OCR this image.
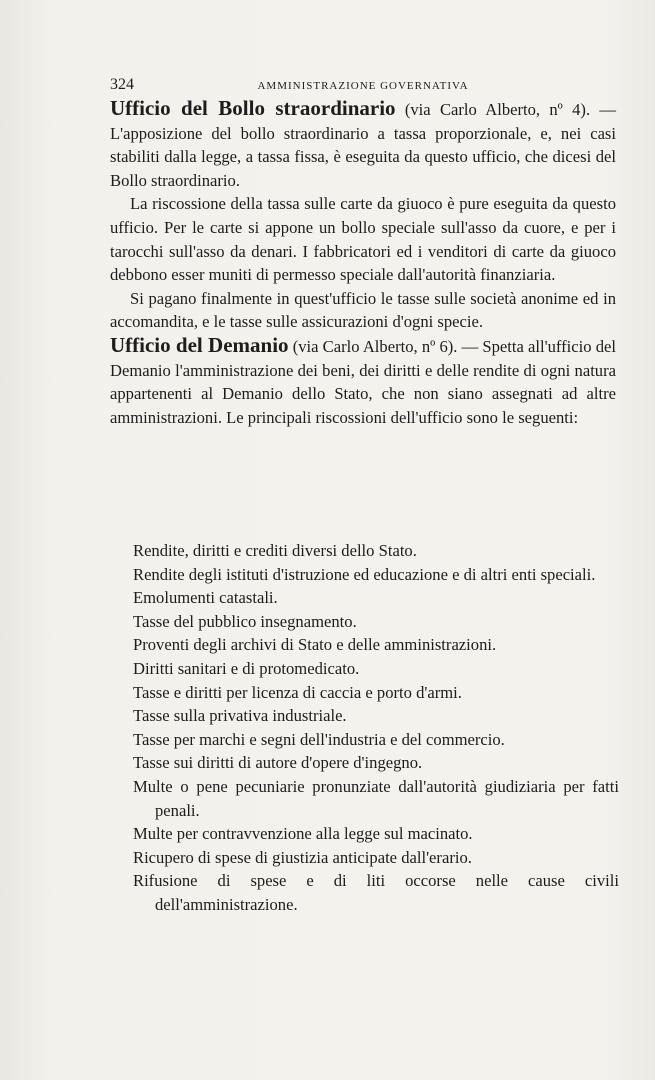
324	AMMINISTRAZIONE GOVERNATIVA

Ufficio del Bollo straordinario (via Carlo Alberto, nº 4). — L'apposizione del bollo straordinario a tassa proporzionale, e, nei casi stabiliti dalla legge, a tassa fissa, è eseguita da questo ufficio, che dicesi del Bollo straordinario.

La riscossione della tassa sulle carte da giuoco è pure eseguita da questo ufficio. Per le carte si appone un bollo speciale sull'asso da cuore, e per i tarocchi sull'asso da denari. I fabbricatori ed i venditori di carte da giuoco debbono esser muniti di permesso speciale dall'autorità finanziaria.

Si pagano finalmente in quest'ufficio le tasse sulle società anonime ed in accomandita, e le tasse sulle assicurazioni d'ogni specie.

Ufficio del Demanio (via Carlo Alberto, nº 6). — Spetta all'ufficio del Demanio l'amministrazione dei beni, dei diritti e delle rendite di ogni natura appartenenti al Demanio dello Stato, che non siano assegnati ad altre amministrazioni. Le principali riscossioni dell'ufficio sono le seguenti:

Rendite, diritti e crediti diversi dello Stato.
Rendite degli istituti d'istruzione ed educazione e di altri enti speciali.
Emolumenti catastali.
Tasse del pubblico insegnamento.
Proventi degli archivi di Stato e delle amministrazioni.
Diritti sanitari e di protomedicato.
Tasse e diritti per licenza di caccia e porto d'armi.
Tasse sulla privativa industriale.
Tasse per marchi e segni dell'industria e del commercio.
Tasse sui diritti di autore d'opere d'ingegno.
Multe o pene pecuniarie pronunziate dall'autorità giudiziaria per fatti penali.
Multe per contravvenzione alla legge sul macinato.
Ricupero di spese di giustizia anticipate dall'erario.
Rifusione di spese e di liti occorse nelle cause civili dell'amministrazione.
